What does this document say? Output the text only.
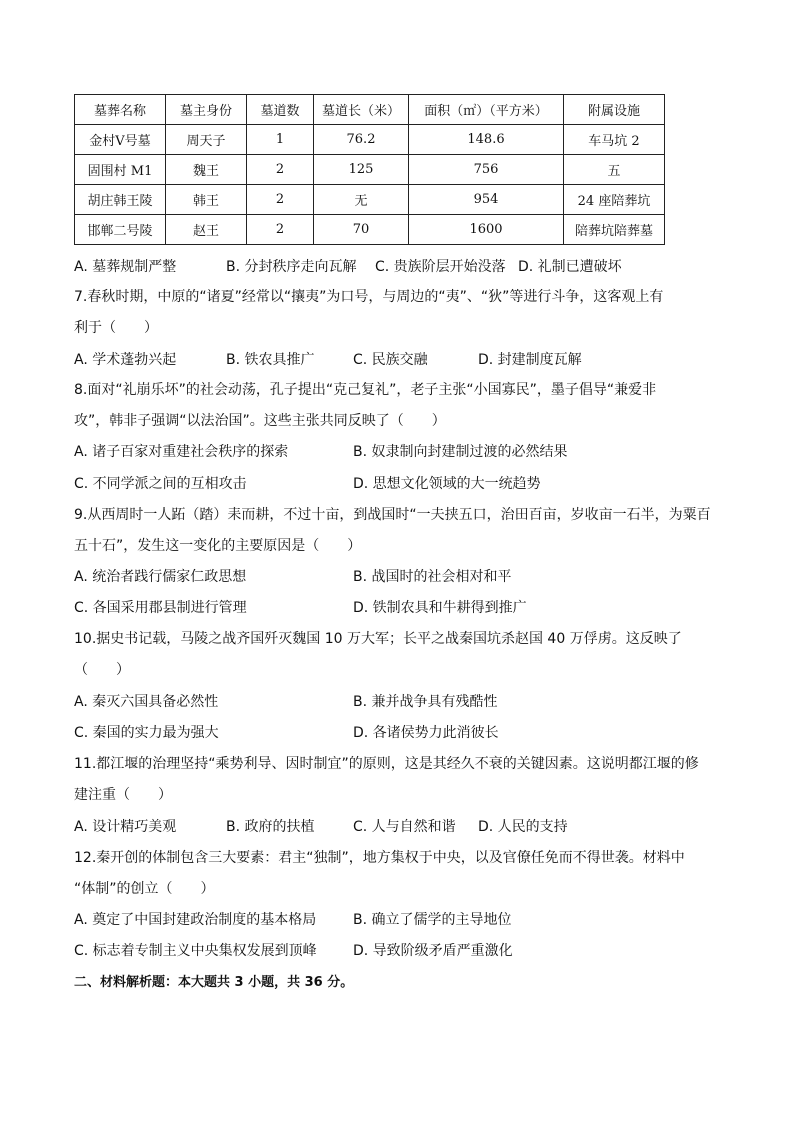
墓葬名称	墓主身份	墓道数	墓道长（米）	面积（㎡）（平方米）	附属设施
金村Ⅴ号墓	周天子	1	76.2	148.6	车马坑 2
固围村 M1	魏王	2	125	756	五
胡庄韩王陵	韩王	2	无	954	24 座陪葬坑
邯郸二号陵	赵王	2	70	1600	陪葬坑陪葬墓
A. 墓葬规制严整	B. 分封秩序走向瓦解 C. 贵族阶层开始没落 D. 礼制已遭破坏
7.春秋时期，中原的“诸夏”经常以“攘夷”为口号，与周边的“夷”、“狄”等进行斗争，这客观上有
利于（　　）
A. 学术蓬勃兴起	B. 铁农具推广	C. 民族交融	D. 封建制度瓦解
8.面对“礼崩乐坏”的社会动荡，孔子提出“克己复礼”，老子主张“小国寡民”，墨子倡导“兼爱非
攻”，韩非子强调“以法治国”。这些主张共同反映了（　　）
A. 诸子百家对重建社会秩序的探索	B. 奴隶制向封建制过渡的必然结果
C. 不同学派之间的互相攻击	D. 思想文化领域的大一统趋势
9.从西周时一人跖（踏）耒而耕，不过十亩，到战国时“一夫挟五口，治田百亩，岁收亩一石半，为粟百
五十石”，发生这一变化的主要原因是（　　）
A. 统治者践行儒家仁政思想	B. 战国时的社会相对和平
C. 各国采用郡县制进行管理	D. 铁制农具和牛耕得到推广
10.据史书记载，马陵之战齐国歼灭魏国 10 万大军；长平之战秦国坑杀赵国 40 万俘虏。这反映了
（　　）
A. 秦灭六国具备必然性	B. 兼并战争具有残酷性
C. 秦国的实力最为强大	D. 各诸侯势力此消彼长
11.都江堰的治理坚持“乘势利导、因时制宜”的原则，这是其经久不衰的关键因素。这说明都江堰的修
建注重（　　）
A. 设计精巧美观	B. 政府的扶植	C. 人与自然和谐 D. 人民的支持
12.秦开创的体制包含三大要素：君主“独制”，地方集权于中央，以及官僚任免而不得世袭。材料中
“体制”的创立（　　）
A. 奠定了中国封建政治制度的基本格局	B. 确立了儒学的主导地位
C. 标志着专制主义中央集权发展到顶峰	D. 导致阶级矛盾严重激化
二、材料解析题：本大题共 3 小题，共 36 分。
